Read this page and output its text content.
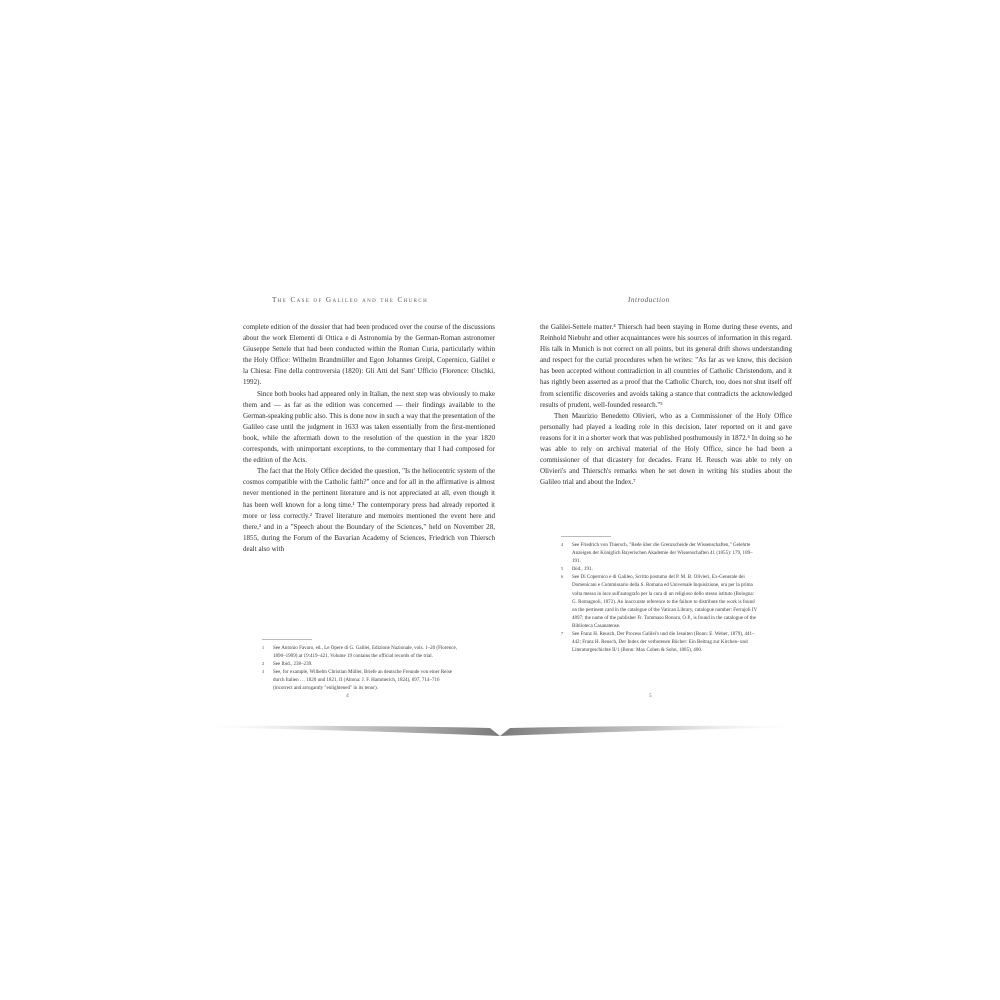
The Case of Galileo and the Church	Introduction

complete edition of the dossier that had been produced over the course of the discussions about the work Elementi di Ottica e di Astronomia by the German-Roman astronomer Giuseppe Settele that had been conducted within the Roman Curia, particularly within the Holy Office: Wilhelm Brandmüller and Egon Johannes Greipl, Copernico, Galilei e la Chiesa: Fine della controversia (1820): Gli Atti del Sant' Ufficio (Florence: Olschki, 1992).

Since both books had appeared only in Italian, the next step was obviously to make them and — as far as the edition was concerned — their findings available to the German-speaking public also. This is done now in such a way that the presentation of the Galileo case until the judgment in 1633 was taken essentially from the first-mentioned book, while the aftermath down to the resolution of the question in the year 1820 corresponds, with unimportant exceptions, to the commentary that I had composed for the edition of the Acts.

The fact that the Holy Office decided the question, "Is the heliocentric system of the cosmos compatible with the Catholic faith?" once and for all in the affirmative is almost never mentioned in the pertinent literature and is not appreciated at all, even though it has been well known for a long time.¹ The contemporary press had already reported it more or less correctly.² Travel literature and memoirs mentioned the event here and there,³ and in a "Speech about the Boundary of the Sciences," held on November 28, 1855, during the Forum of the Bavarian Academy of Sciences, Friedrich von Thiersch dealt also with

1	See Antonio Favaro, ed., Le Opere di G. Galilei, Edizione Nazionale, vols. 1–20 (Florence, 1890–1909) at 19:419–421. Volume 19 contains the official records of the trial.
2	See Ibid., 238–239.
3	See, for example, Wilhelm Christian Müller, Briefe an deutsche Freunde von einer Reise durch Italien … 1820 und 1821, II (Altona: J. F. Hammerich, 1824), 697, 714–716 (incorrect and arrogantly "enlightened" in its tenor).
4

the Galilei-Settele matter.⁴ Thiersch had been staying in Rome during these events, and Reinhold Niebuhr and other acquaintances were his sources of information in this regard. His talk in Munich is not correct on all points, but its general drift shows understanding and respect for the curial procedures when he writes: "As far as we know, this decision has been accepted without contradiction in all countries of Catholic Christendom, and it has rightly been asserted as a proof that the Catholic Church, too, does not shut itself off from scientific discoveries and avoids taking a stance that contradicts the acknowledged results of prudent, well-founded research."⁵

Then Maurizio Benedetto Olivieri, who as a Commissioner of the Holy Office personally had played a leading role in this decision, later reported on it and gave reasons for it in a shorter work that was published posthumously in 1872.⁶ In doing so he was able to rely on archival material of the Holy Office, since he had been a commissioner of that dicastery for decades. Franz H. Reusch was able to rely on Olivieri's and Thiersch's remarks when he set down in writing his studies about the Galileo trial and about the Index.⁷

4	See Friedrich von Thiersch, "Rede über die Grenzscheide der Wissenschaften," Gelehrte Anzeigen der Königlich Bayerischen Akademie der Wissenschaften 41 (1855): 179, 189–191.
5	Ibid., 191.
6	See Di Copernico e di Galileo, Scritto postumo del P. M. B. Olivieri, Ex-Generale dei Domenicani e Commissario della S. Romana ed Universale Inquisizione, ora per la prima volta messo in luce sull'autografo per la cura di un religioso dello stesso istituto (Bologna: G. Romagnoli, 1872). An inaccurate reference to the failure to distribute the work is found on the pertinent card in the catalogue of the Vatican Library, catalogue number: Ferrajoli IV 4897; the name of the publisher Fr. Tommaso Bonora, O.P., is found in the catalogue of the Biblioteca Casanatense.
7	See Franz H. Reusch, Der Process Galilei's und die Jesuiten (Bonn: E. Weber, 1879), 441–442; Franz H. Reusch, Der Index der verbotenen Bücher: Ein Beitrag zur Kirchen- und Literaturgeschichte II/1 (Bonn: Max Cohen & Sohn, 1885), 400.
5
